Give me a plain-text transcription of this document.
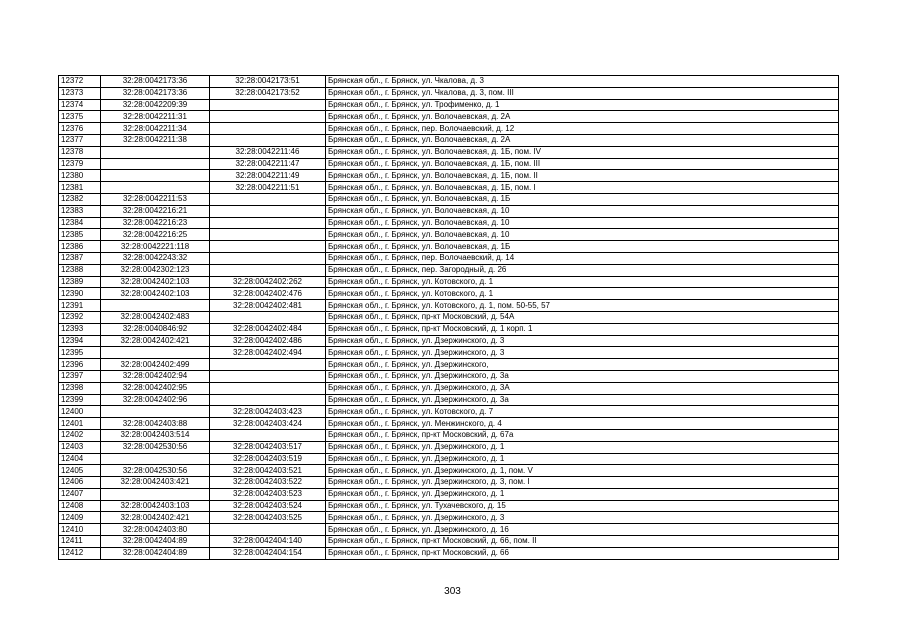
12372	32:28:0042173:36	32:28:0042173:51	Брянская обл., г. Брянск, ул. Чкалова, д. 3
12373	32:28:0042173:36	32:28:0042173:52	Брянская обл., г. Брянск, ул. Чкалова, д. 3, пом. III
12374	32:28:0042209:39		Брянская обл., г. Брянск, ул. Трофименко, д. 1
12375	32:28:0042211:31		Брянская обл., г. Брянск, ул. Волочаевская, д. 2А
12376	32:28:0042211:34		Брянская обл., г. Брянск, пер. Волочаевский, д. 12
12377	32:28:0042211:38		Брянская обл., г. Брянск, ул. Волочаевская, д. 2А
12378		32:28:0042211:46	Брянская обл., г. Брянск, ул. Волочаевская, д. 1Б, пом. IV
12379		32:28:0042211:47	Брянская обл., г. Брянск, ул. Волочаевская, д. 1Б, пом. III
12380		32:28:0042211:49	Брянская обл., г. Брянск, ул. Волочаевская, д. 1Б, пом. II
12381		32:28:0042211:51	Брянская обл., г. Брянск, ул. Волочаевская, д. 1Б, пом. I
12382	32:28:0042211:53		Брянская обл., г. Брянск, ул. Волочаевская, д. 1Б
12383	32:28:0042216:21		Брянская обл., г. Брянск, ул. Волочаевская, д. 10
12384	32:28:0042216:23		Брянская обл., г. Брянск, ул. Волочаевская, д. 10
12385	32:28:0042216:25		Брянская обл., г. Брянск, ул. Волочаевская, д. 10
12386	32:28:0042221:118		Брянская обл., г. Брянск, ул. Волочаевская, д. 1Б
12387	32:28:0042243:32		Брянская обл., г. Брянск, пер. Волочаевский, д. 14
12388	32:28:0042302:123		Брянская обл., г. Брянск, пер. Загородный, д. 26
12389	32:28:0042402:103	32:28:0042402:262	Брянская обл., г. Брянск, ул. Котовского, д. 1
12390	32:28:0042402:103	32:28:0042402:476	Брянская обл., г. Брянск, ул. Котовского, д. 1
12391		32:28:0042402:481	Брянская обл., г. Брянск, ул. Котовского, д. 1, пом. 50-55, 57
12392	32:28:0042402:483		Брянская обл., г. Брянск, пр-кт Московский, д. 54А
12393	32:28:0040846:92	32:28:0042402:484	Брянская обл., г. Брянск, пр-кт Московский, д. 1 корп. 1
12394	32:28:0042402:421	32:28:0042402:486	Брянская обл., г. Брянск, ул. Дзержинского, д. 3
12395		32:28:0042402:494	Брянская обл., г. Брянск, ул. Дзержинского, д. 3
12396	32:28:0042402:499		Брянская обл., г. Брянск, ул. Дзержинского,
12397	32:28:0042402:94		Брянская обл., г. Брянск, ул. Дзержинского, д. 3а
12398	32:28:0042402:95		Брянская обл., г. Брянск, ул. Дзержинского, д. 3А
12399	32:28:0042402:96		Брянская обл., г. Брянск, ул. Дзержинского, д. 3а
12400		32:28:0042403:423	Брянская обл., г. Брянск, ул. Котовского, д. 7
12401	32:28:0042403:88	32:28:0042403:424	Брянская обл., г. Брянск, ул. Менжинского, д. 4
12402	32:28:0042403:514		Брянская обл., г. Брянск, пр-кт Московский, д. 67а
12403	32:28:0042530:56	32:28:0042403:517	Брянская обл., г. Брянск, ул. Дзержинского, д. 1
12404		32:28:0042403:519	Брянская обл., г. Брянск, ул. Дзержинского, д. 1
12405	32:28:0042530:56	32:28:0042403:521	Брянская обл., г. Брянск, ул. Дзержинского, д. 1, пом. V
12406	32:28:0042403:421	32:28:0042403:522	Брянская обл., г. Брянск, ул. Дзержинского, д. 3, пом. I
12407		32:28:0042403:523	Брянская обл., г. Брянск, ул. Дзержинского, д. 1
12408	32:28:0042403:103	32:28:0042403:524	Брянская обл., г. Брянск, ул. Тухачевского, д. 15
12409	32:28:0042402:421	32:28:0042403:525	Брянская обл., г. Брянск, ул. Дзержинского, д. 3
12410	32:28:0042403:80		Брянская обл., г. Брянск, ул. Дзержинского, д. 16
12411	32:28:0042404:89	32:28:0042404:140	Брянская обл., г. Брянск, пр-кт Московский, д. 66, пом. II
12412	32:28:0042404:89	32:28:0042404:154	Брянская обл., г. Брянск, пр-кт Московский, д. 66
303
